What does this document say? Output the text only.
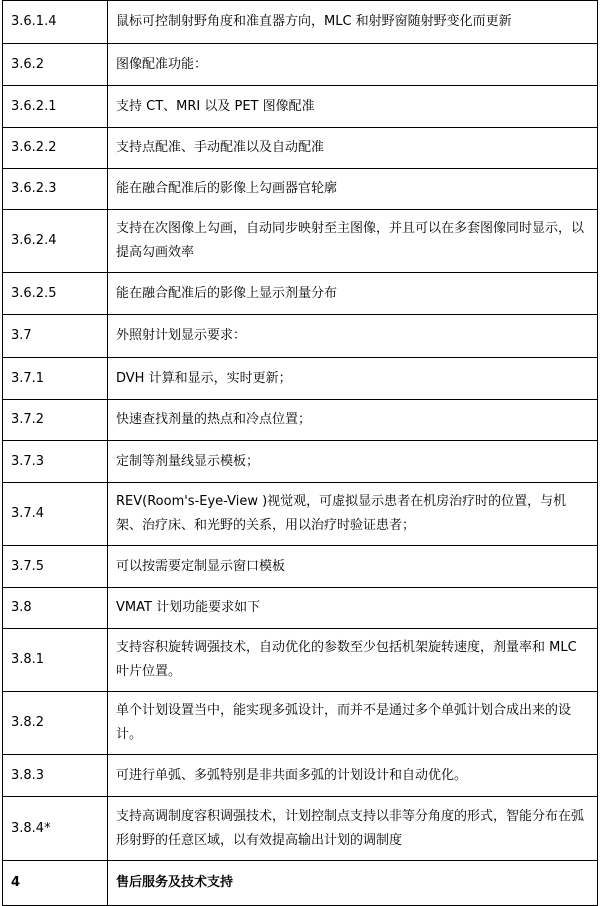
3.6.1.4	鼠标可控制射野角度和准直器方向，MLC 和射野窗随射野变化而更新
3.6.2	图像配准功能：
3.6.2.1	支持 CT、MRI 以及 PET 图像配准
3.6.2.2	支持点配准、手动配准以及自动配准
3.6.2.3	能在融合配准后的影像上勾画器官轮廓
3.6.2.4	支持在次图像上勾画，自动同步映射至主图像，并且可以在多套图像同时显示，以提高勾画效率
3.6.2.5	能在融合配准后的影像上显示剂量分布
3.7	外照射计划显示要求：
3.7.1	DVH 计算和显示，实时更新；
3.7.2	快速查找剂量的热点和冷点位置；
3.7.3	定制等剂量线显示模板；
3.7.4	REV(Room's-Eye-View )视觉观，可虚拟显示患者在机房治疗时的位置，与机架、治疗床、和光野的关系，用以治疗时验证患者；
3.7.5	可以按需要定制显示窗口模板
3.8	VMAT 计划功能要求如下
3.8.1	支持容积旋转调强技术，自动优化的参数至少包括机架旋转速度，剂量率和 MLC 叶片位置。
3.8.2	单个计划设置当中，能实现多弧设计，而并不是通过多个单弧计划合成出来的设计。
3.8.3	可进行单弧、多弧特别是非共面多弧的计划设计和自动优化。
3.8.4*	支持高调制度容积调强技术，计划控制点支持以非等分角度的形式，智能分布在弧形射野的任意区域，以有效提高输出计划的调制度
4	售后服务及技术支持
